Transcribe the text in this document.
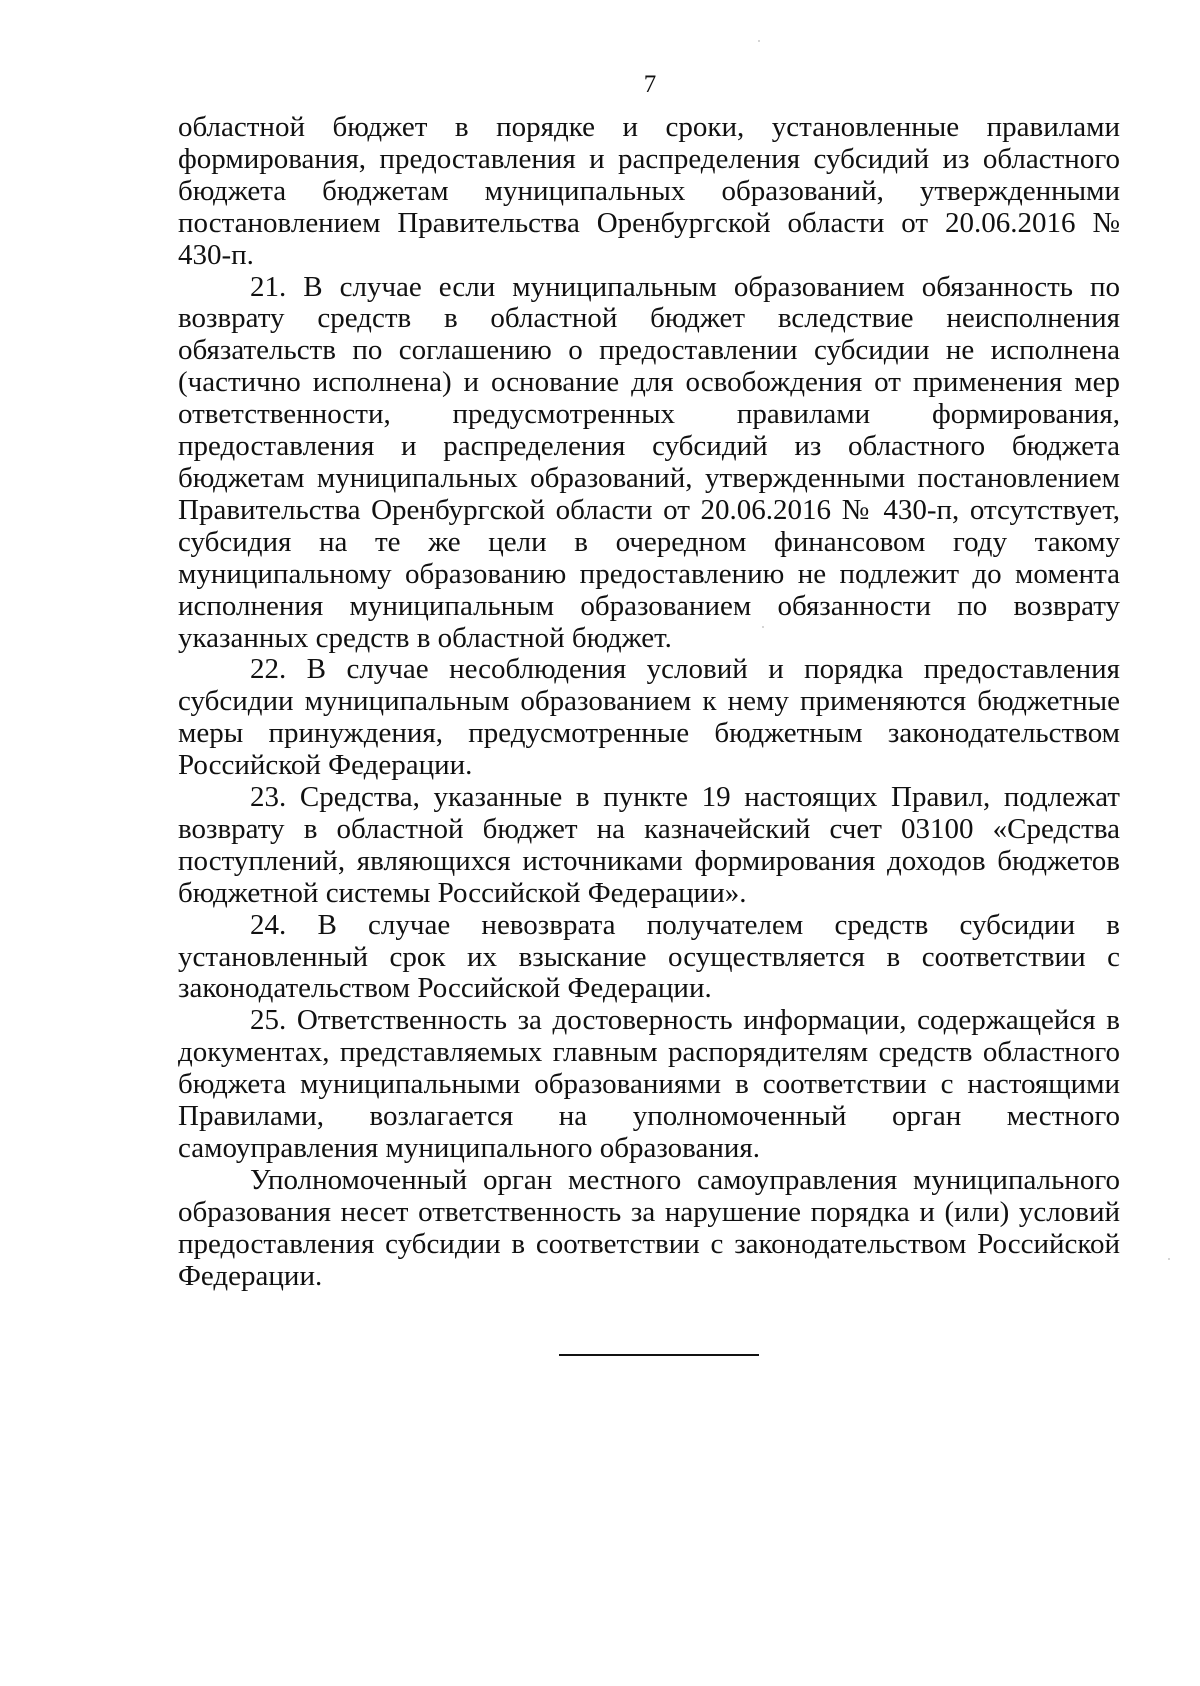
7

областной бюджет в порядке и сроки, установленные правилами формирования, предоставления и распределения субсидий из областного бюджета бюджетам муниципальных образований, утвержденными постановлением Правительства Оренбургской области от 20.06.2016 № 430-п.

21. В случае если муниципальным образованием обязанность по возврату средств в областной бюджет вследствие неисполнения обязательств по соглашению о предоставлении субсидии не исполнена (частично исполнена) и основание для освобождения от применения мер ответственности, предусмотренных правилами формирования, предоставления и распределения субсидий из областного бюджета бюджетам муниципальных образований, утвержденными постановлением Правительства Оренбургской области от 20.06.2016 № 430-п, отсутствует, субсидия на те же цели в очередном финансовом году такому муниципальному образованию предоставлению не подлежит до момента исполнения муниципальным образованием обязанности по возврату указанных средств в областной бюджет.

22. В случае несоблюдения условий и порядка предоставления субсидии муниципальным образованием к нему применяются бюджетные меры принуждения, предусмотренные бюджетным законодательством Российской Федерации.

23. Средства, указанные в пункте 19 настоящих Правил, подлежат возврату в областной бюджет на казначейский счет 03100 «Средства поступлений, являющихся источниками формирования доходов бюджетов бюджетной системы Российской Федерации».

24. В случае невозврата получателем средств субсидии в установленный срок их взыскание осуществляется в соответствии с законодательством Российской Федерации.

25. Ответственность за достоверность информации, содержащейся в документах, представляемых главным распорядителям средств областного бюджета муниципальными образованиями в соответствии с настоящими Правилами, возлагается на уполномоченный орган местного самоуправления муниципального образования.

Уполномоченный орган местного самоуправления муниципального образования несет ответственность за нарушение порядка и (или) условий предоставления субсидии в соответствии с законодательством Российской Федерации.
